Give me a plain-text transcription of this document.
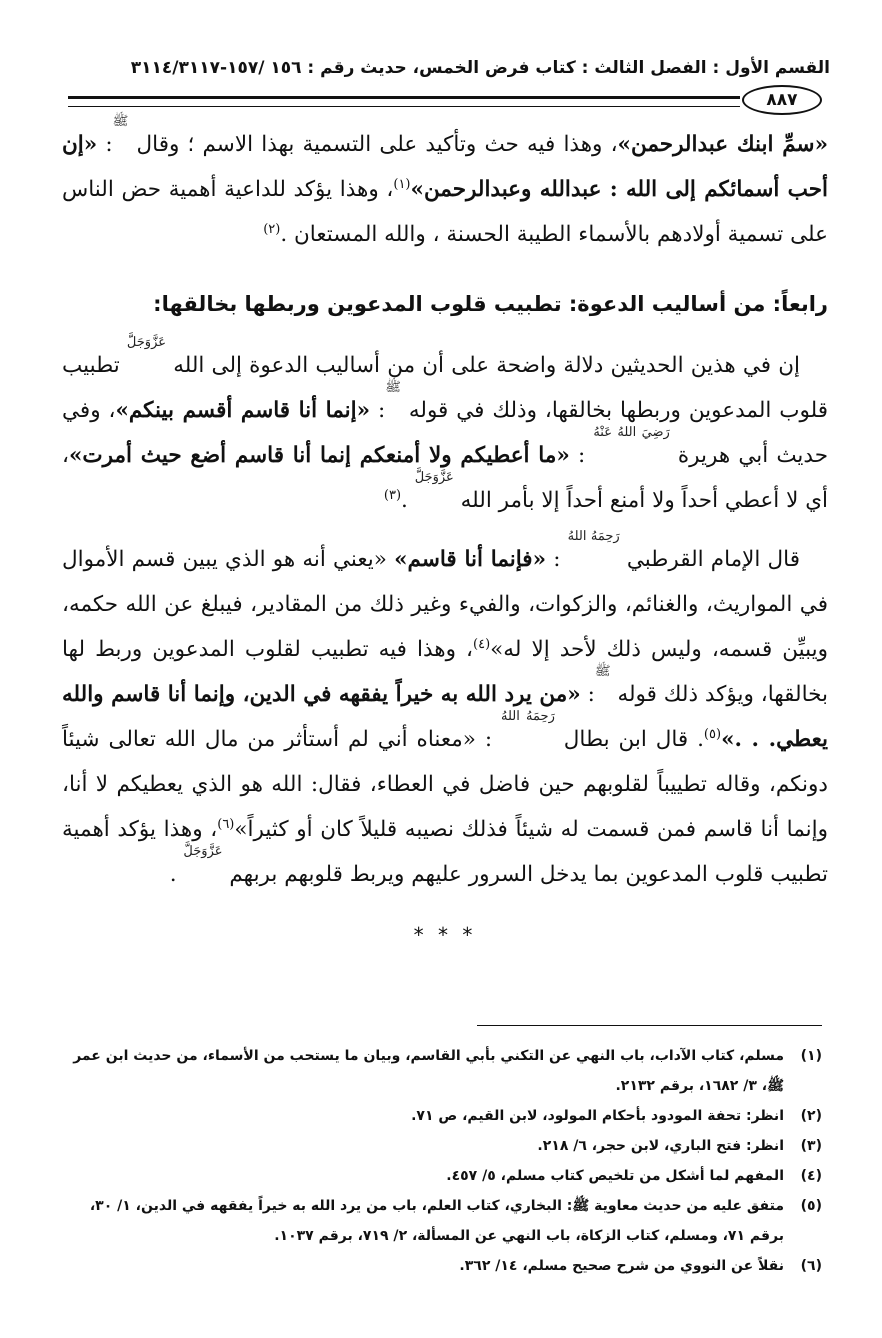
القسم الأول : الفصل الثالث : كتاب فرض الخمس، حديث رقم : ١٥٦ /١٥٧-٣١١٤/٣١١٧
٨٨٧

«سمِّ ابنك عبدالرحمن»، وهذا فيه حث وتأكيد على التسمية بهذا الاسم ؛ وقال $^ﷺ$: «إن أحب أسمائكم إلى الله : عبدالله وعبدالرحمن»$^{(١)}$، وهذا يؤكد للداعية أهمية حض الناس على تسمية أولادهم بالأسماء الطيبة الحسنة ، والله المستعان .$^{(٢)}$

رابعاً: من أساليب الدعوة: تطبيب قلوب المدعوين وربطها بخالقها:

إن في هذين الحديثين دلالة واضحة على أن من أساليب الدعوة إلى الله $^{عَزَّوَجَلَّ}$ تطبيب قلوب المدعوين وربطها بخالقها، وذلك في قوله $^ﷺ$: «إنما أنا قاسم أقسم بينكم»، وفي حديث أبي هريرة $^{رَضِيَ اللهُ عَنْهُ}$ : «ما أعطيكم ولا أمنعكم إنما أنا قاسم أضع حيث أمرت»، أي لا أعطي أحداً ولا أمنع أحداً إلا بأمر الله $^{عَزَّوَجَلَّ}$ .$^{(٣)}$

قال الإمام القرطبي $^{رَحِمَهُ اللهُ}$ : «فإنما أنا قاسم» «يعني أنه هو الذي يبين قسم الأموال في المواريث، والغنائم، والزكوات، والفيء وغير ذلك من المقادير، فيبلغ عن الله حكمه، ويبيِّن قسمه، وليس ذلك لأحد إلا له»$^{(٤)}$، وهذا فيه تطبيب لقلوب المدعوين وربط لها بخالقها، ويؤكد ذلك قوله $^ﷺ$: «من يرد الله به خيراً يفقهه في الدين، وإنما أنا قاسم والله يعطي. . .»$^{(٥)}$. قال ابن بطال $^{رَحِمَهُ اللهُ}$ : «معناه أني لم أستأثر من مال الله تعالى شيئاً دونكم، وقاله تطييباً لقلوبهم حين فاضل في العطاء، فقال: الله هو الذي يعطيكم لا أنا، وإنما أنا قاسم فمن قسمت له شيئاً فذلك نصيبه قليلاً كان أو كثيراً»$^{(٦)}$، وهذا يؤكد أهمية تطبيب قلوب المدعوين بما يدخل السرور عليهم ويربط قلوبهم بربهم $^{عَزَّوَجَلَّ}$ .

* * *
(١)
مسلم، كتاب الآداب، باب النهي عن التكني بأبي القاسم، وبيان ما يستحب من الأسماء، من حديث ابن عمر ﷺ، ٣/ ١٦٨٢، برقم ٢١٣٢.
(٢)
انظر: تحفة المودود بأحكام المولود، لابن القيم، ص ٧١.
(٣)
انظر: فتح الباري، لابن حجر، ٦/ ٢١٨.
(٤)
المفهم لما أشكل من تلخيص كتاب مسلم، ٥/ ٤٥٧.
(٥)
متفق عليه من حديث معاوية ﷺ: البخاري، كتاب العلم، باب من يرد الله به خيراً يفقهه في الدين، ١/ ٣٠، برقم ٧١، ومسلم، كتاب الزكاة، باب النهي عن المسألة، ٢/ ٧١٩، برقم ١٠٣٧.
(٦)
نقلاً عن النووي من شرح صحيح مسلم، ١٤/ ٣٦٢.
